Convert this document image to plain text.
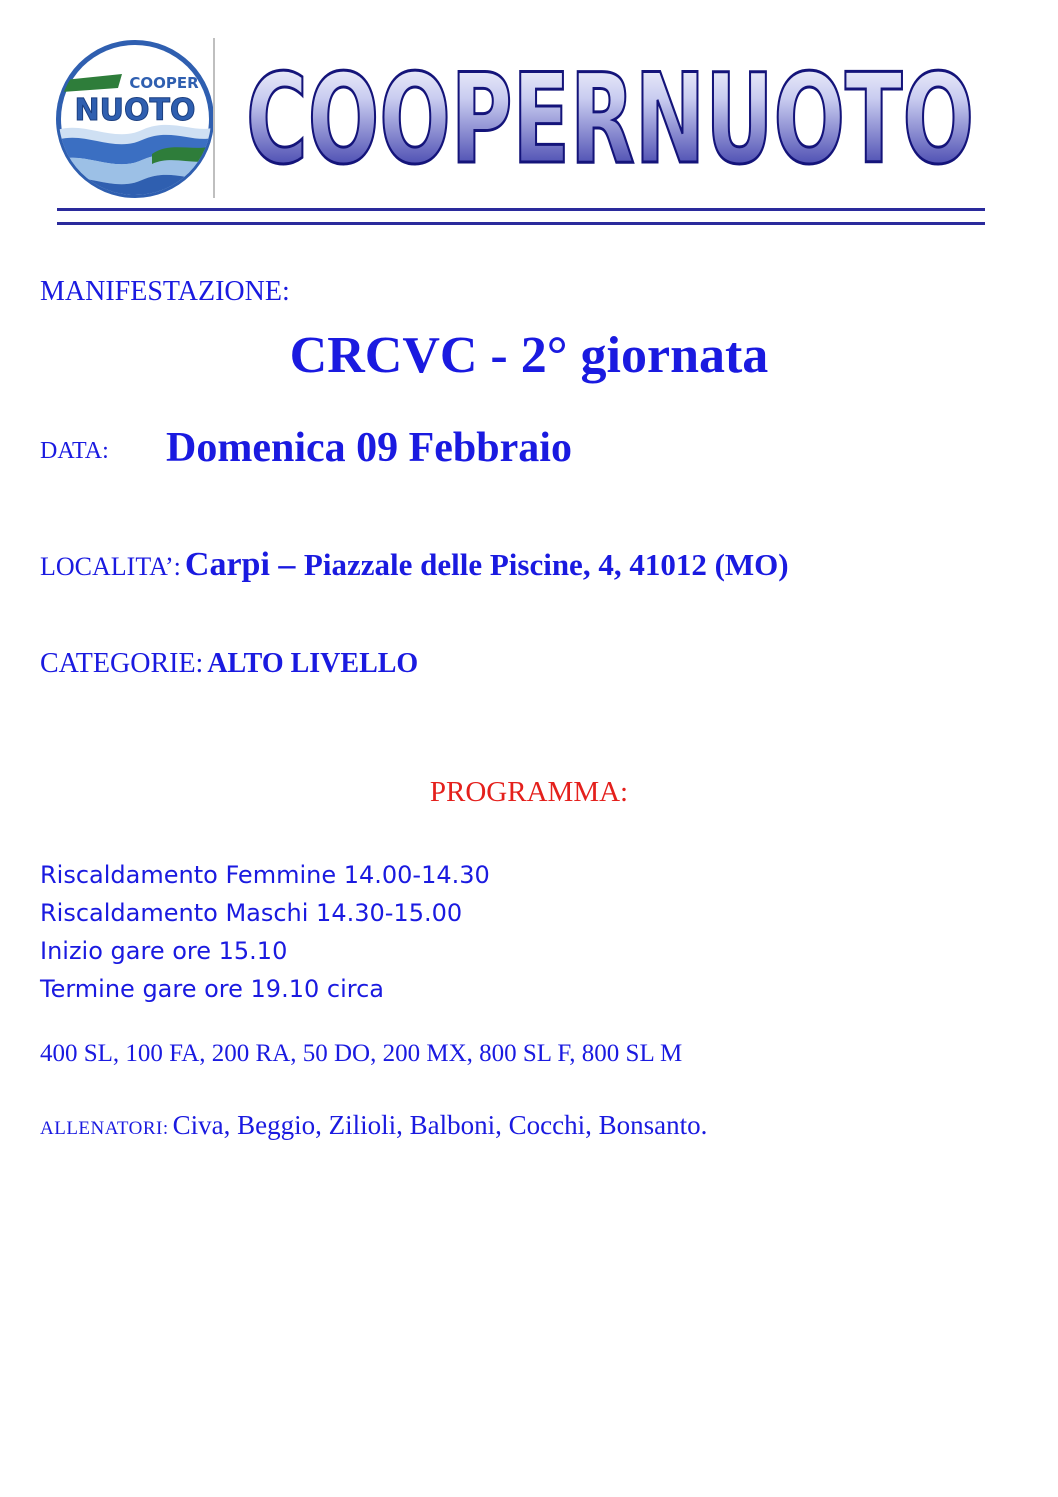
COOPER
NUOTO COOPERNUOTO
MANIFESTAZIONE:
CRCVC - 2° giornata
DATA: Domenica 09 Febbraio
LOCALITA’: Carpi – Piazzale delle Piscine, 4, 41012 (MO)
CATEGORIE: ALTO LIVELLO
PROGRAMMA:
Riscaldamento Femmine 14.00-14.30
Riscaldamento Maschi 14.30-15.00
Inizio gare ore 15.10
Termine gare ore 19.10 circa
400 SL, 100 FA, 200 RA, 50 DO, 200 MX, 800 SL F, 800 SL M
ALLENATORI: Civa, Beggio, Zilioli, Balboni, Cocchi, Bonsanto.
